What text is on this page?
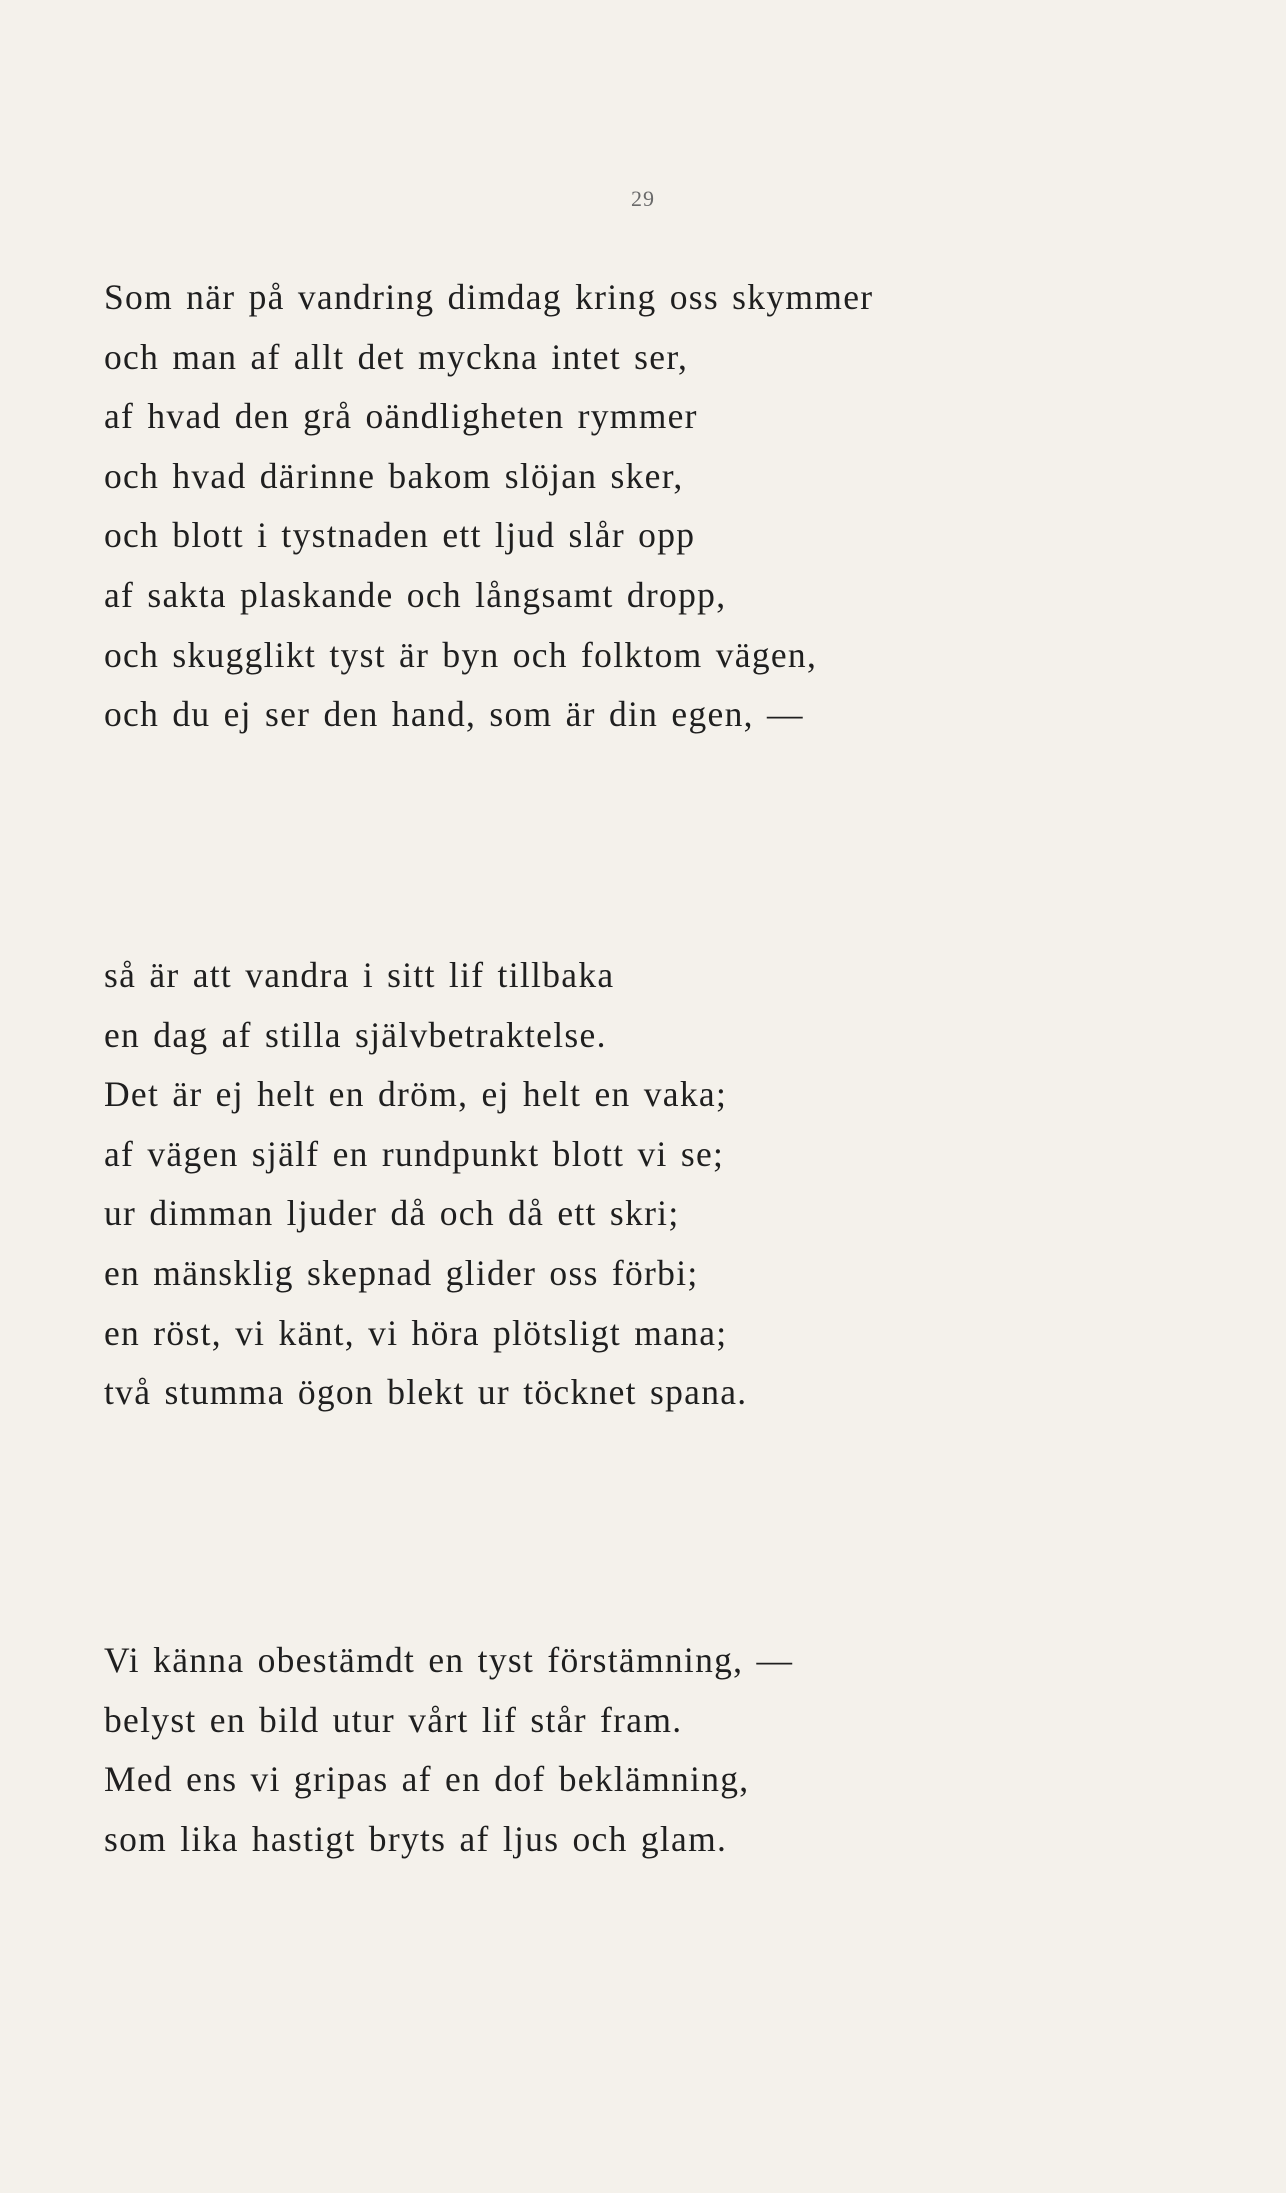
29
Som när på vandring dimdag kring oss skymmer
och man af allt det myckna intet ser,
af hvad den grå oändligheten rymmer
och hvad därinne bakom slöjan sker,
och blott i tystnaden ett ljud slår opp
af sakta plaskande och långsamt dropp,
och skugglikt tyst är byn och folktom vägen,
och du ej ser den hand, som är din egen, —
så är att vandra i sitt lif tillbaka
en dag af stilla självbetraktelse.
Det är ej helt en dröm, ej helt en vaka;
af vägen själf en rundpunkt blott vi se;
ur dimman ljuder då och då ett skri;
en mänsklig skepnad glider oss förbi;
en röst, vi känt, vi höra plötsligt mana;
två stumma ögon blekt ur töcknet spana.
Vi känna obestämdt en tyst förstämning, —
belyst en bild utur vårt lif står fram.
Med ens vi gripas af en dof beklämning,
som lika hastigt bryts af ljus och glam.
